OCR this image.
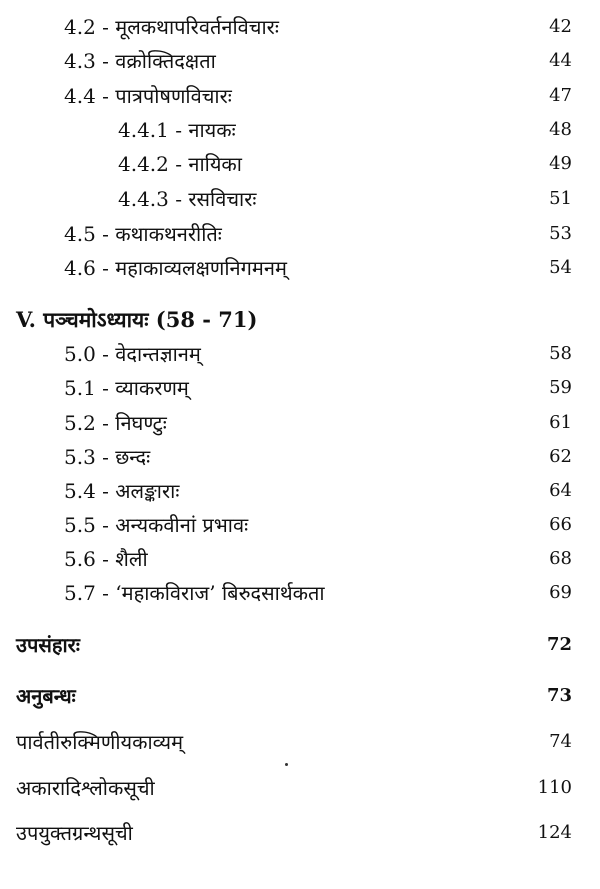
4.2 - मूलकथापरिवर्तनविचारः	42
4.3 - वक्रोक्तिदक्षता	44
4.4 - पात्रपोषणविचारः	47
4.4.1 - नायकः	48
4.4.2 - नायिका	49
4.4.3 - रसविचारः	51
4.5 - कथाकथनरीतिः	53
4.6 - महाकाव्यलक्षणनिगमनम्	54
V. पञ्चमोऽध्यायः (58 - 71)
5.0 - वेदान्तज्ञानम्	58
5.1 - व्याकरणम्	59
5.2 - निघण्टुः	61
5.3 - छन्दः	62
5.4 - अलङ्काराः	64
5.5 - अन्यकवीनां प्रभावः	66
5.6 - शैली	68
5.7 - ‘महाकविराज’ बिरुदसार्थकता	69
उपसंहारः	72
अनुबन्धः	73
पार्वतीरुक्मिणीयकाव्यम्	74
अकारादिश्लोकसूची	110
उपयुक्तग्रन्थसूची	124
